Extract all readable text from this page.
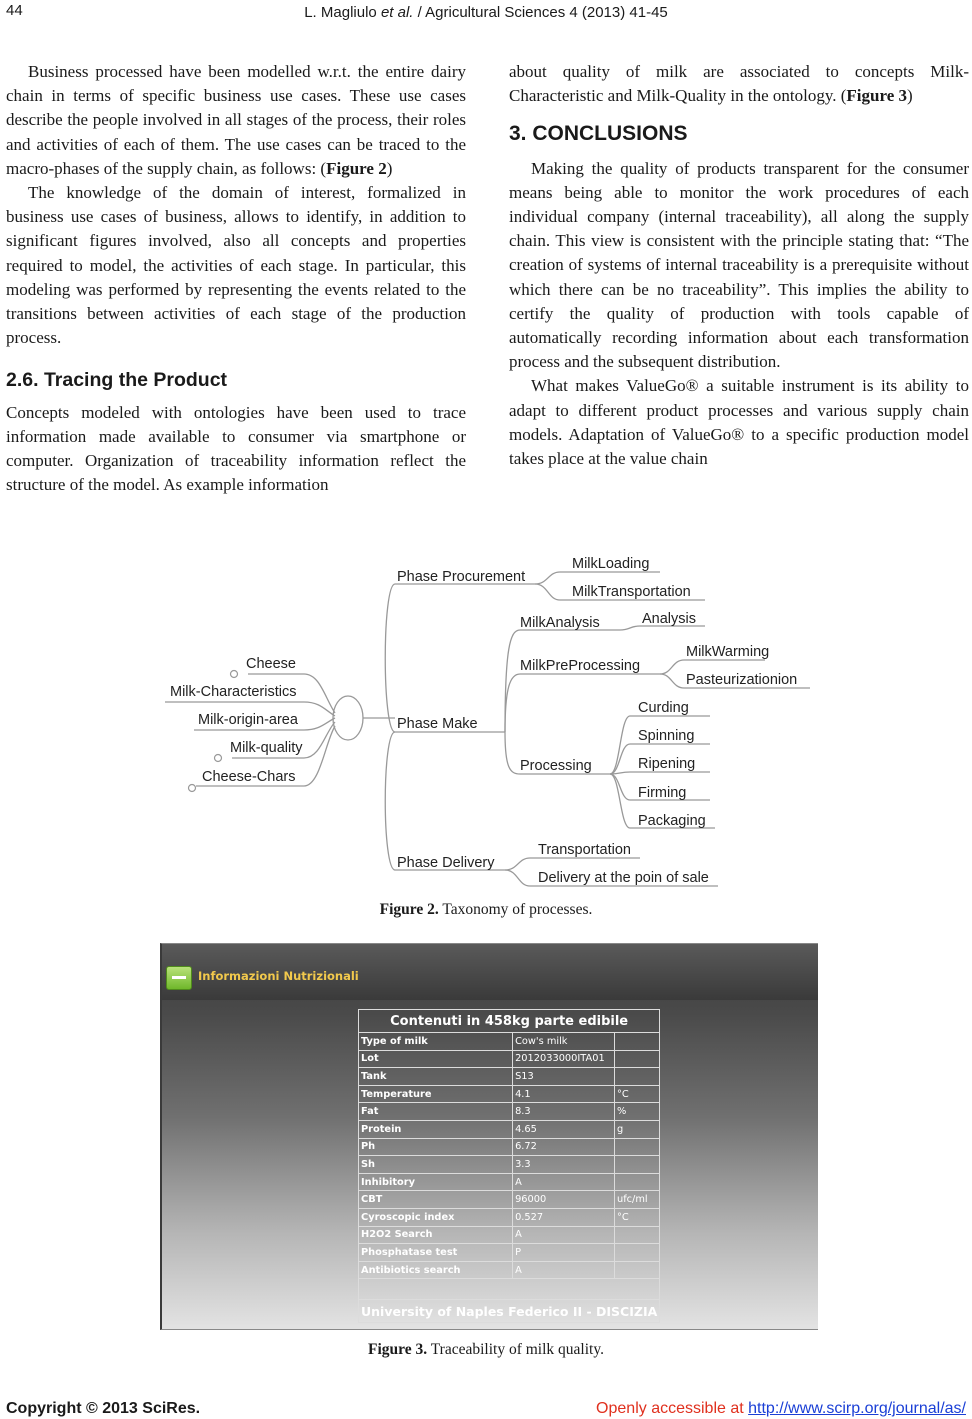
44	L. Magliulo et al. / Agricultural Sciences 4 (2013) 41-45

Business processed have been modelled w.r.t. the entire dairy chain in terms of specific business use cases. These use cases describe the people involved in all stages of the process, their roles and activities of each of them. The use cases can be traced to the macro-phases of the supply chain, as follows: (Figure 2)

The knowledge of the domain of interest, formalized in business use cases of business, allows to identify, in addition to significant figures involved, also all concepts and properties required to model, the activities of each stage. In particular, this modeling was performed by representing the events related to the transitions between activities of each stage of the production process.

2.6. Tracing the Product

Concepts modeled with ontologies have been used to trace information made available to consumer via smartphone or computer. Organization of traceability information reflect the structure of the model. As example information

about quality of milk are associated to concepts Milk-Characteristic and Milk-Quality in the ontology. (Figure 3)

3. CONCLUSIONS

Making the quality of products transparent for the consumer means being able to monitor the work procedures of each individual company (internal traceability), all along the supply chain. This view is consistent with the principle stating that: “The creation of systems of internal traceability is a prerequisite without which there can be no traceability”. This implies the ability to certify the quality of production with tools capable of automatically recording information about each transformation process and the subsequent distribution.

What makes ValueGo® a suitable instrument is its ability to adapt to different product processes and various supply chain models. Adaptation of ValueGo® to a specific production model takes place at the value chain

Cheese
Milk-Characteristics
Milk-origin-area
Milk-quality
Cheese-Chars
Phase Procurement
MilkLoading
MilkTransportation
MilkAnalysis	Analysis
MilkPreProcessing
MilkWarming
Pasteurizationion
Phase Make
Processing
Curding
Spinning
Ripening
Firming
Packaging
Phase Delivery
Transportation
Delivery at the poin of sale
Figure 2. Taxonomy of processes.
Informazioni Nutrizionali
Contenuti in 458kg parte edibile		
Type of milk	Cow's milk	
Lot	2012033000ITA01	
Tank	S13	
Temperature	4.1	°C
Fat	8.3	%
Protein	4.65	g
Ph	6.72	
Sh	3.3	
Inhibitory	A	
CBT	96000	ufc/ml
Cyroscopic index	0.527	°C
H2O2 Search	A	
Phosphatase test	P	
Antibiotics search	A	

University of Naples Federico II - DISCIZIA		
Figure 3. Traceability of milk quality.
Copyright © 2013 SciRes.	Openly accessible at http://www.scirp.org/journal/as/
